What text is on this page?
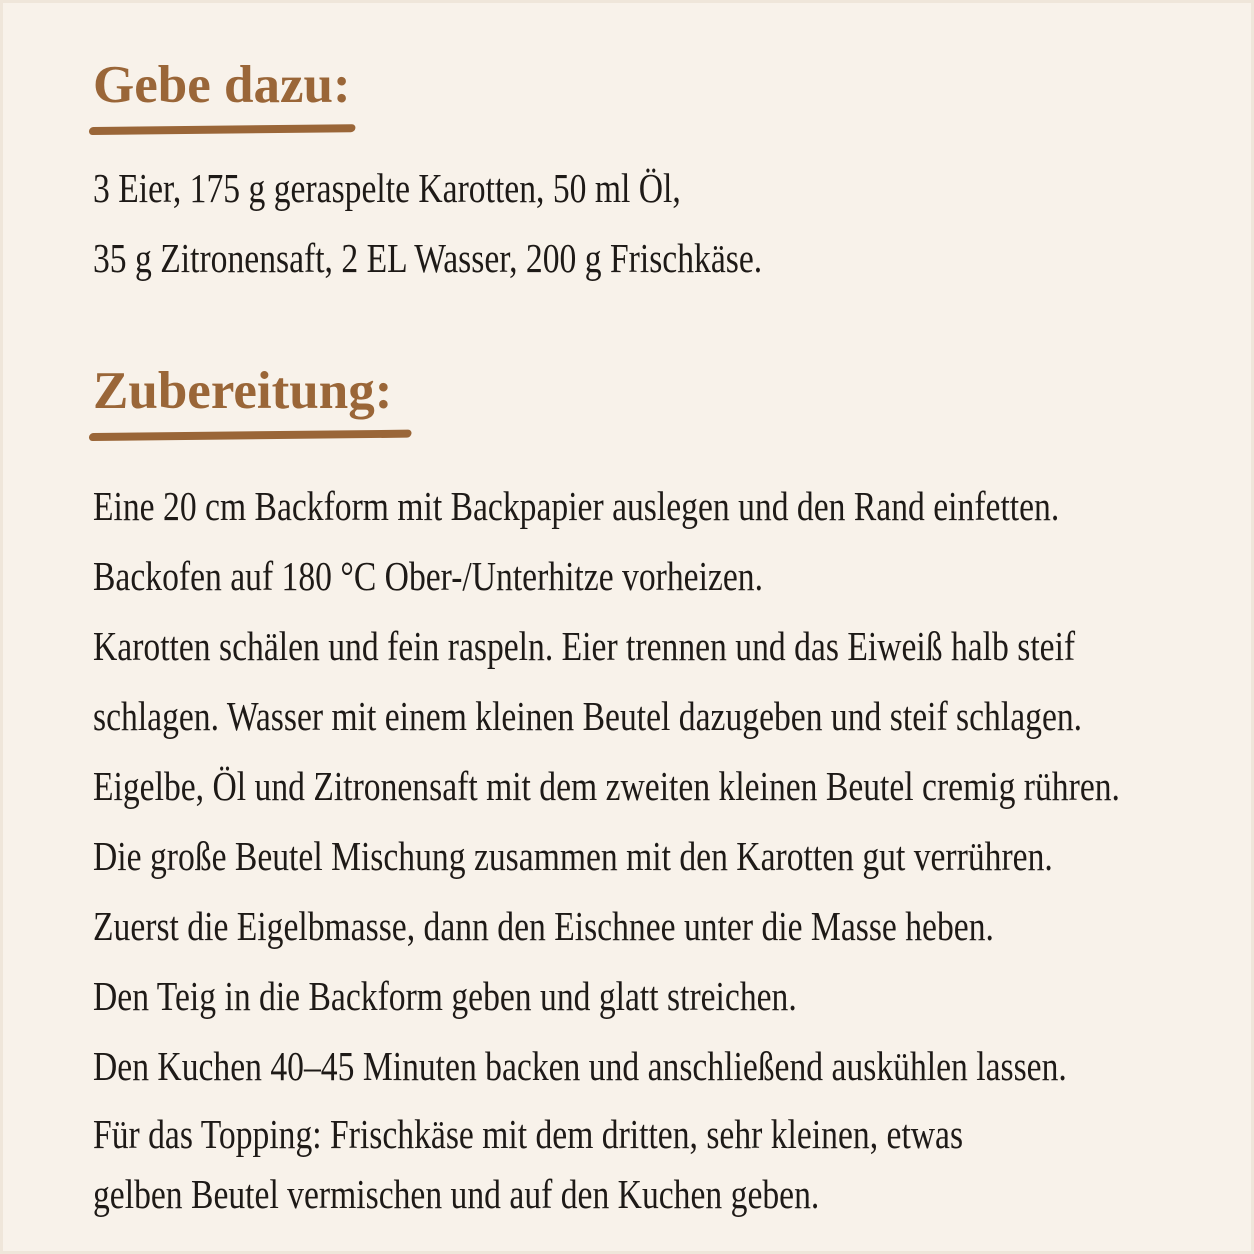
Gebe dazu:

3 Eier, 175 g geraspelte Karotten, 50 ml Öl,

35 g Zitronensaft, 2 EL Wasser, 200 g Frischkäse.

Zubereitung:

Eine 20 cm Backform mit Backpapier auslegen und den Rand einfetten.

Backofen auf 180 °C Ober-/Unterhitze vorheizen.

Karotten schälen und fein raspeln. Eier trennen und das Eiweiß halb steif

schlagen. Wasser mit einem kleinen Beutel dazugeben und steif schlagen.

Eigelbe, Öl und Zitronensaft mit dem zweiten kleinen Beutel cremig rühren.

Die große Beutel Mischung zusammen mit den Karotten gut verrühren.

Zuerst die Eigelbmasse, dann den Eischnee unter die Masse heben.

Den Teig in die Backform geben und glatt streichen.

Den Kuchen 40–45 Minuten backen und anschließend auskühlen lassen.

Für das Topping: Frischkäse mit dem dritten, sehr kleinen, etwas

gelben Beutel vermischen und auf den Kuchen geben.
